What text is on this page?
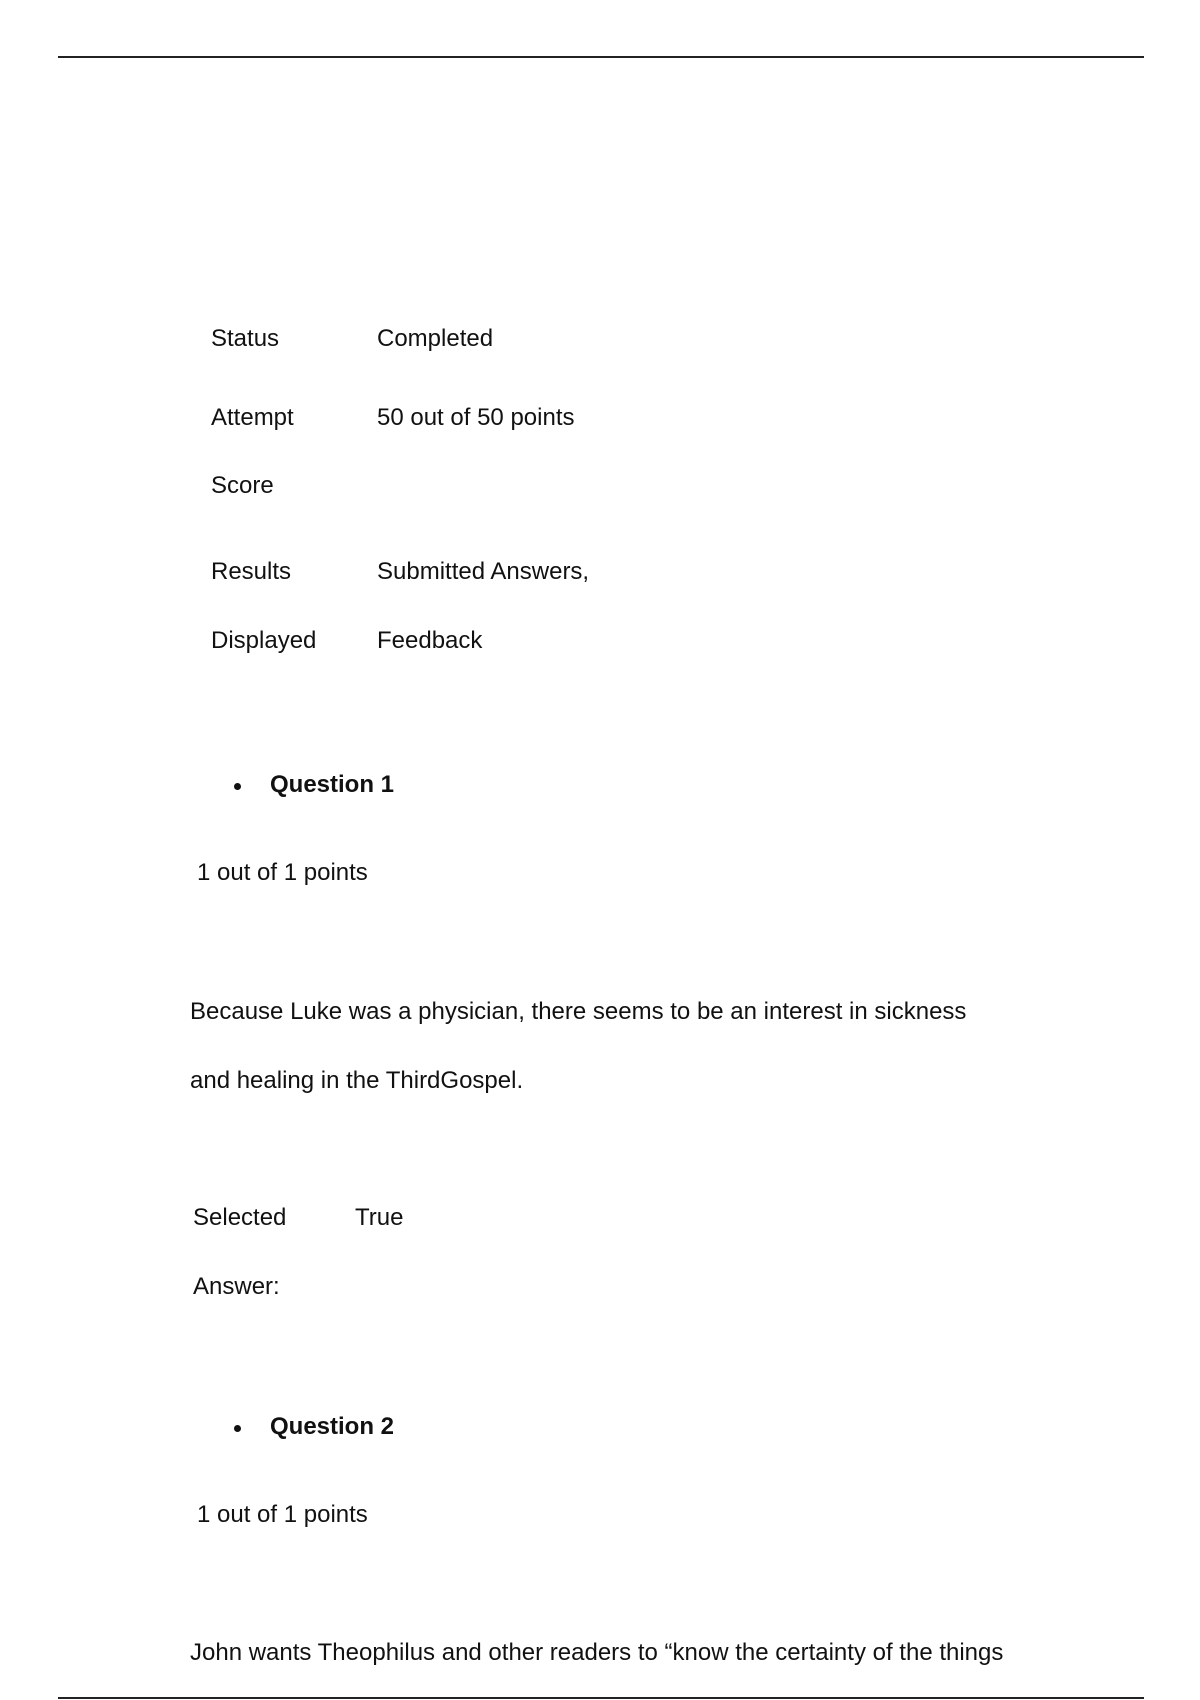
Status	Completed
Attempt
Score
50 out of 50 points
Results
Displayed
Submitted Answers,
Feedback
Question 1
1 out of 1 points
Because Luke was a physician, there seems to be an interest in sickness
and healing in the ThirdGospel.
Selected
Answer:
True
Question 2
1 out of 1 points
John wants Theophilus and other readers to “know the certainty of the things
